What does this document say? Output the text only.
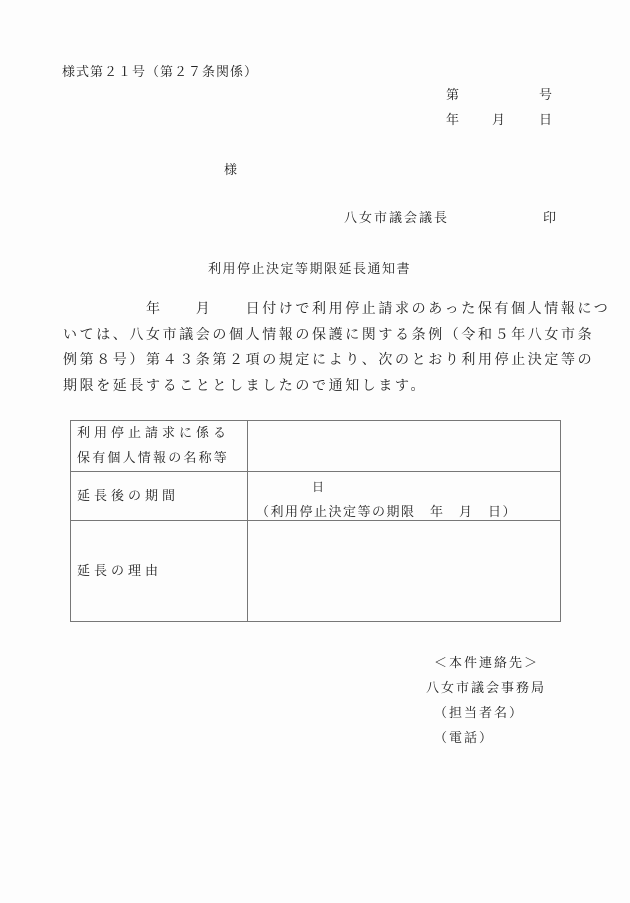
様式第２１号（第２７条関係）
第	号
年	月	日
様
八女市議会議長	印
利用停止決定等期限延長通知書
　　　　　年　　月　　日付けで利用停止請求のあった保有個人情報につ
いては、八女市議会の個人情報の保護に関する条例（令和５年八女市条
例第８号）第４３条第２項の規定により、次のとおり利用停止決定等の
期限を延長することとしましたので通知します。
利用停止請求に係る
保有個人情報の名称等	

延長後の期間	日
（利用停止決定等の期限　年　月　日）

延長の理由	
＜本件連絡先＞
八女市議会事務局
（担当者名）
（電話）
